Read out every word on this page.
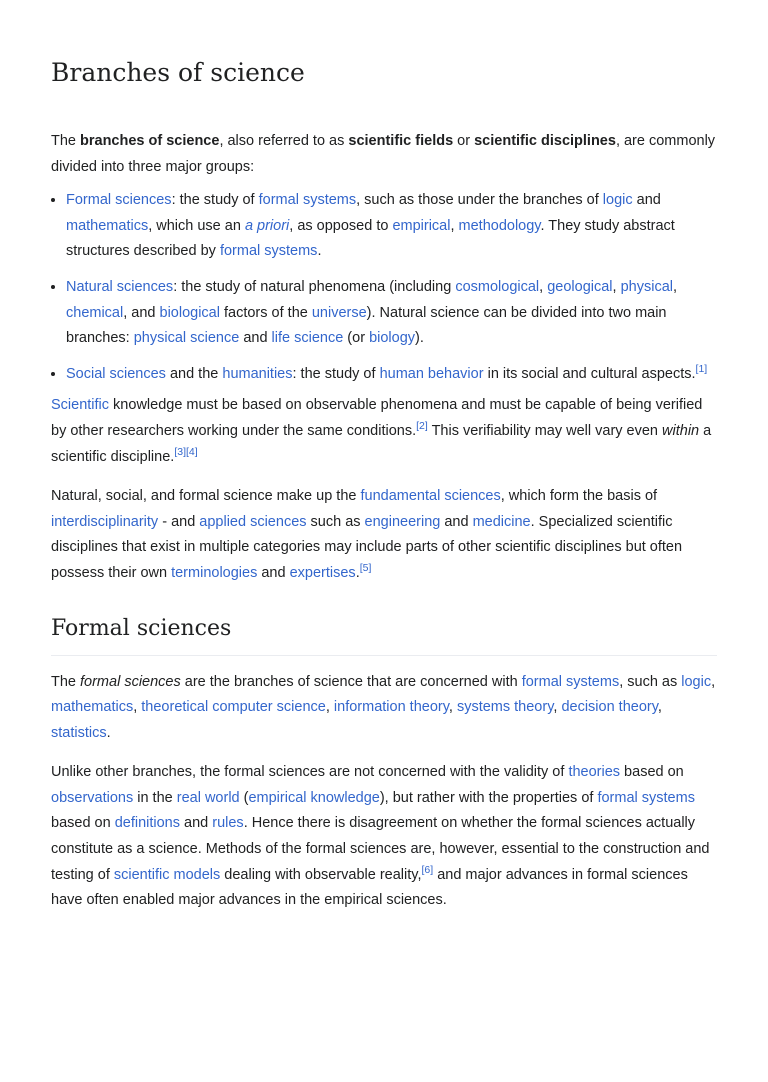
Branches of science

The branches of science, also referred to as scientific fields or scientific disciplines, are commonly divided into three major groups:

• Formal sciences: the study of formal systems, such as those under the branches of logic and mathematics, which use an a priori, as opposed to empirical, methodology. They study abstract structures described by formal systems.
• Natural sciences: the study of natural phenomena (including cosmological, geological, physical, chemical, and biological factors of the universe). Natural science can be divided into two main branches: physical science and life science (or biology).
• Social sciences and the humanities: the study of human behavior in its social and cultural aspects.[1]

Scientific knowledge must be based on observable phenomena and must be capable of being verified by other researchers working under the same conditions.[2] This verifiability may well vary even within a scientific discipline.[3][4]

Natural, social, and formal science make up the fundamental sciences, which form the basis of interdisciplinarity - and applied sciences such as engineering and medicine. Specialized scientific disciplines that exist in multiple categories may include parts of other scientific disciplines but often possess their own terminologies and expertises.[5]

Formal sciences

The formal sciences are the branches of science that are concerned with formal systems, such as logic, mathematics, theoretical computer science, information theory, systems theory, decision theory, statistics.

Unlike other branches, the formal sciences are not concerned with the validity of theories based on observations in the real world (empirical knowledge), but rather with the properties of formal systems based on definitions and rules. Hence there is disagreement on whether the formal sciences actually constitute as a science. Methods of the formal sciences are, however, essential to the construction and testing of scientific models dealing with observable reality,[6] and major advances in formal sciences have often enabled major advances in the empirical sciences.
